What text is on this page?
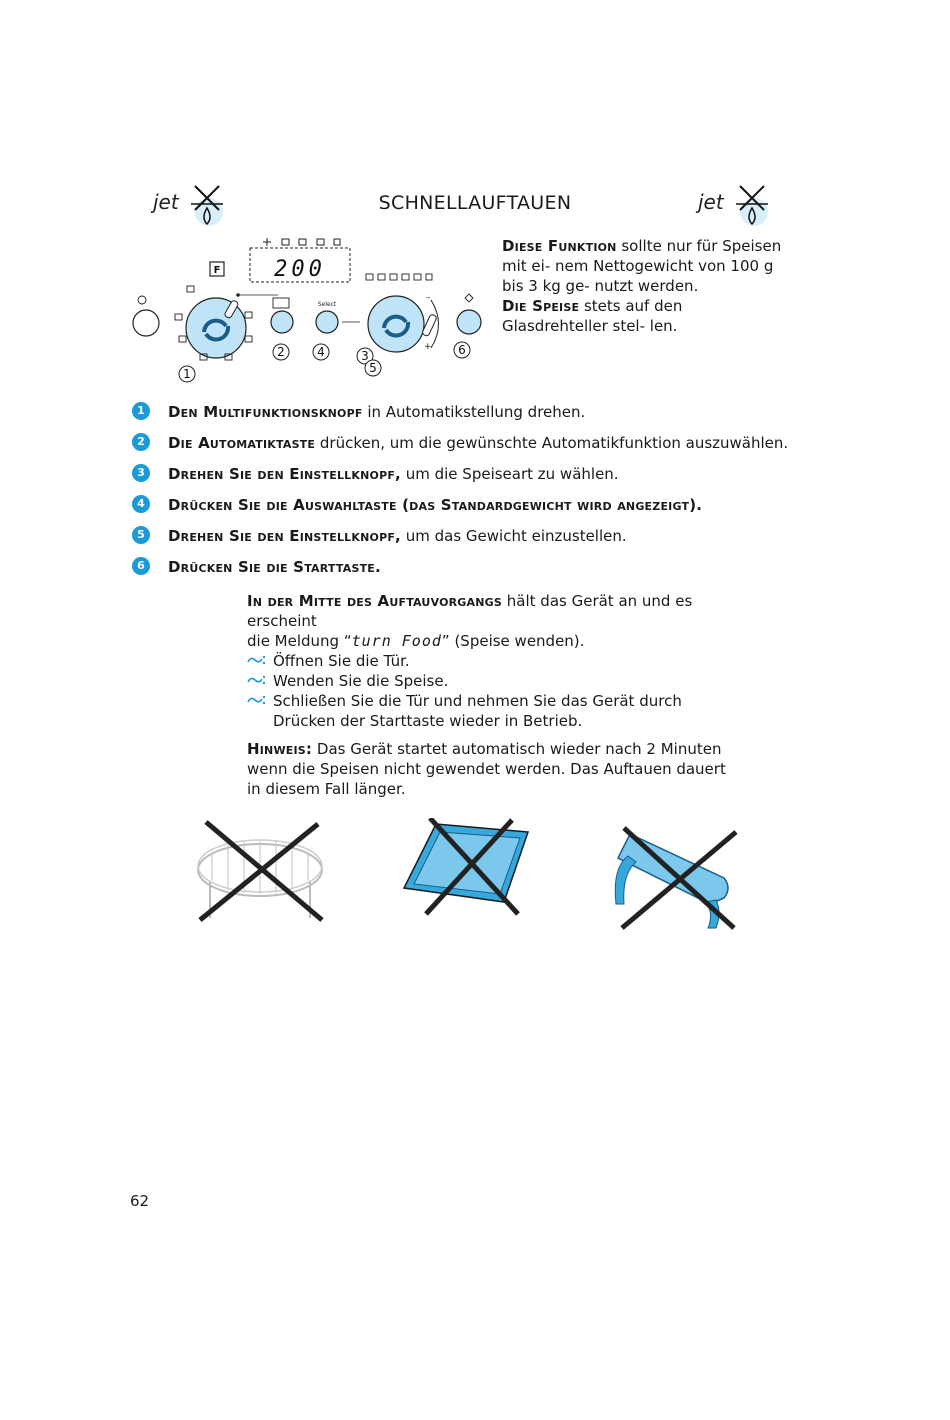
jet	SCHNELLAUFTAUEN	jet
200
F
Select
–
+
1
2	3
4
5
6
Diese Funktion sollte nur für Speisen mit ei- nem Nettogewicht von 100 g bis 3 kg ge- nutzt werden.
Die Speise stets auf den Glasdrehteller stel- len.
1	Den Multifunktionsknopf in Automatikstellung drehen.
2	Die Automatiktaste drücken, um die gewünschte Automatikfunktion auszuwählen.
3	Drehen Sie den Einstellknopf, um die Speiseart zu wählen.
4	Drücken Sie die Auswahltaste (das Standardgewicht wird angezeigt).
5	Drehen Sie den Einstellknopf, um das Gewicht einzustellen.
6	Drücken Sie die Starttaste.
In der Mitte des Auftauvorgangs hält das Gerät an und es erscheint
die Meldung “turn Food” (Speise wenden).
Öffnen Sie die Tür.
Wenden Sie die Speise.
Schließen Sie die Tür und nehmen Sie das Gerät durch Drücken der Starttaste wieder in Betrieb.
Hinweis: Das Gerät startet automatisch wieder nach 2 Minuten wenn die Speisen nicht gewendet werden. Das Auftauen dauert in diesem Fall länger.
62
